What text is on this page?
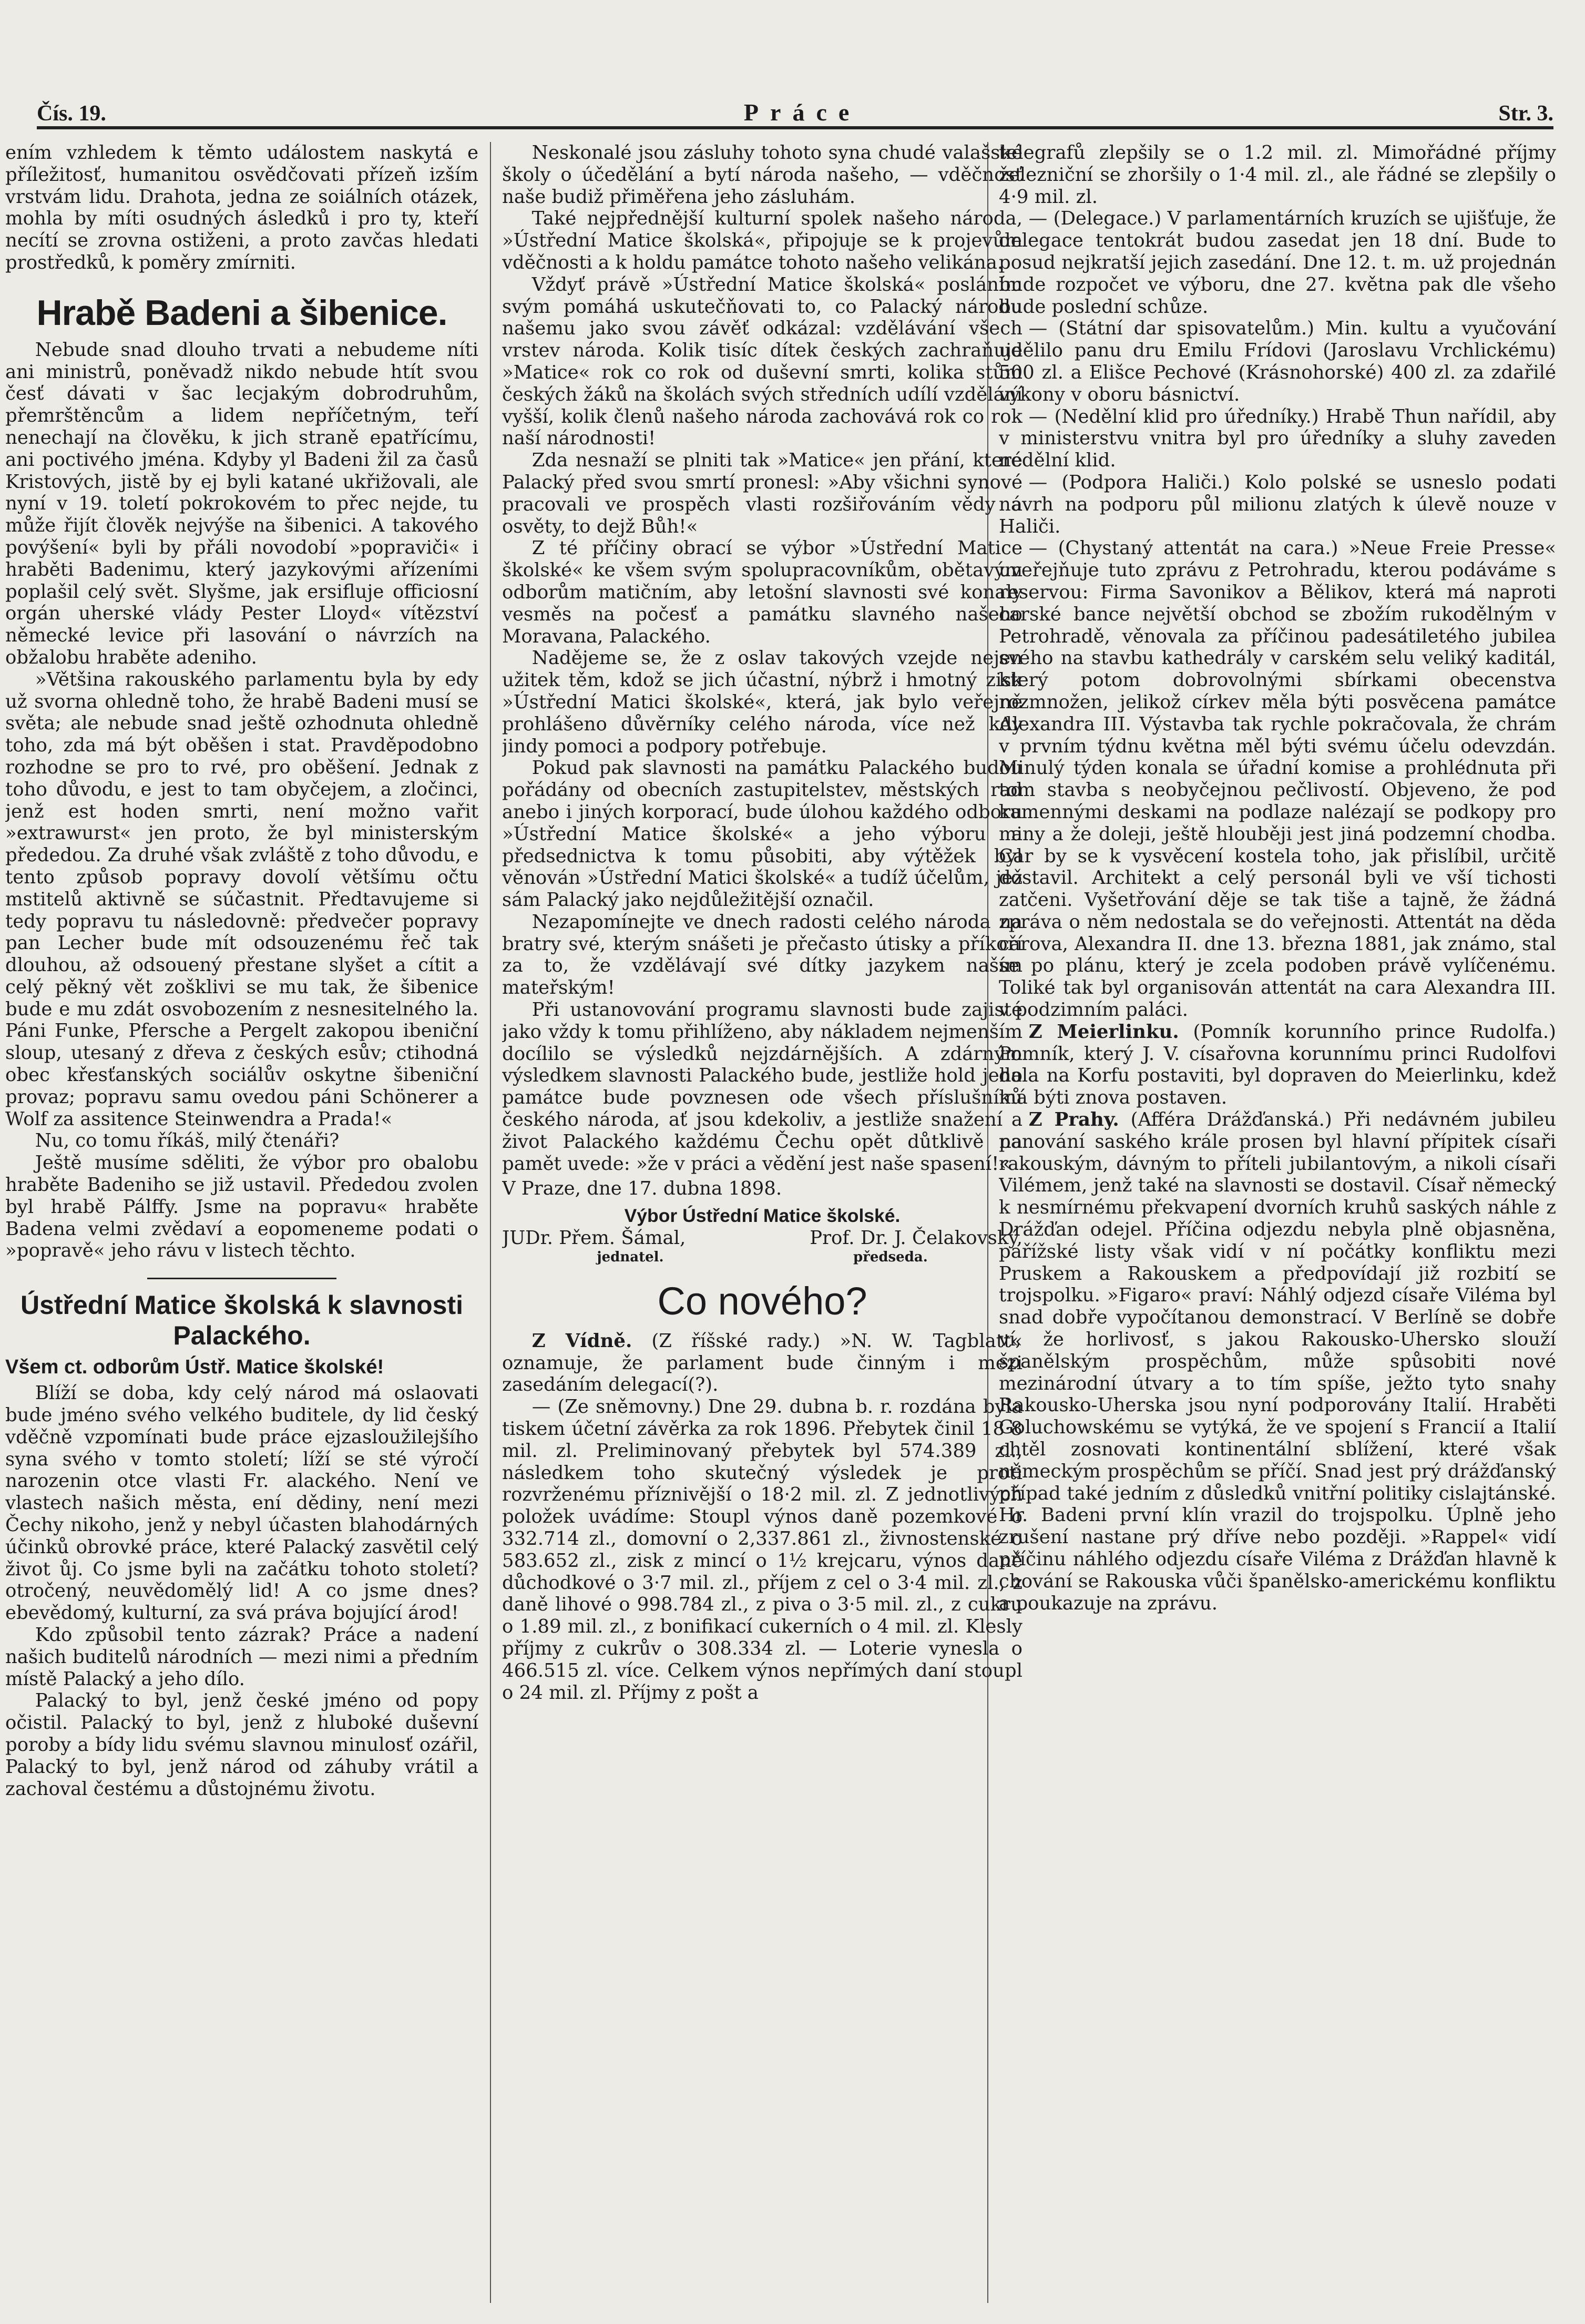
Čís. 19.	Práce	Str. 3.

ením vzhledem k těmto událostem naskytá e příležitosť, humanitou osvědčovati přízeň izším vrstvám lidu. Drahota, jedna ze soiálních otázek, mohla by míti osudných ásledků i pro ty, kteří necítí se zrovna ostiženi, a proto zavčas hledati prostředků, k poměry zmírniti.

Hrabě Badeni a šibenice.

Nebude snad dlouho trvati a nebudeme níti ani ministrů, poněvadž nikdo nebude htít svou česť dávati v šac lecjakým dobrodruhům, přemrštěncům a lidem nepříčetným, teří nenechají na člověku, k jich straně epatřícímu, ani poctivého jména. Kdyby yl Badeni žil za časů Kristových, jistě by ej byli katané ukřižovali, ale nyní v 19. toletí pokrokovém to přec nejde, tu může řijít člověk nejvýše na šibenici. A takového povýšení« byli by přáli novodobí »popraviči« i hraběti Badenimu, který jazykovými ařízeními poplašil celý svět. Slyšme, jak ersifluje officiosní orgán uherské vlády Pester Lloyd« vítězství německé levice při lasování o návrzích na obžalobu hraběte adeniho.

»Většina rakouského parlamentu byla by edy už svorna ohledně toho, že hrabě Badeni musí se světa; ale nebude snad ještě ozhodnuta ohledně toho, zda má být oběšen i stat. Pravděpodobno rozhodne se pro to rvé, pro oběšení. Jednak z toho důvodu, e jest to tam obyčejem, a zločinci, jenž est hoden smrti, není možno vařit »extrawurst« jen proto, že byl ministerským přededou. Za druhé však zvláště z toho důvodu, e tento způsob popravy dovolí většímu očtu mstitelů aktivně se súčastnit. Předtavujeme si tedy popravu tu následovně: předvečer popravy pan Lecher bude mít odsouzenému řeč tak dlouhou, až odsouený přestane slyšet a cítit a celý pěkný vět zošklivi se mu tak, že šibenice bude e mu zdát osvobozením z nesnesitelného la. Páni Funke, Pfersche a Pergelt zakopou ibeniční sloup, utesaný z dřeva z českých esův; ctihodná obec křesťanských sociálův oskytne šibeniční provaz; popravu samu ovedou páni Schönerer a Wolf za assitence Steinwendra a Prada!«

Nu, co tomu říkáš, milý čtenáři?

Ještě musíme sděliti, že výbor pro obalobu hraběte Badeniho se již ustavil. Přededou zvolen byl hrabě Pálffy. Jsme na popravu« hraběte Badena velmi zvědaví a eopomeneme podati o »popravě« jeho rávu v listech těchto.

Ústřední Matice školská k slavnosti Palackého.

Všem ct. odborům Ústř. Matice školské!

Blíží se doba, kdy celý národ má oslaovati bude jméno svého velkého buditele, dy lid český vděčně vzpomínati bude práce ejzasloužilejšího syna svého v tomto století; líží se sté výročí narozenin otce vlasti Fr. alackého. Není ve vlastech našich města, ení dědiny, není mezi Čechy nikoho, jenž y nebyl účasten blahodárných účinků obrovké práce, které Palacký zasvětil celý život ůj. Co jsme byli na začátku tohoto století? otročený, neuvědomělý lid! A co jsme dnes? ebevědomý, kulturní, za svá práva bojující árod!

Kdo způsobil tento zázrak? Práce a nadení našich buditelů národních — mezi nimi a předním místě Palacký a jeho dílo.

Palacký to byl, jenž české jméno od popy očistil. Palacký to byl, jenž z hluboké duševní poroby a bídy lidu svému slavnou minulosť ozářil, Palacký to byl, jenž národ od záhuby vrátil a zachoval čestému a důstojnému životu.

Neskonalé jsou zásluhy tohoto syna chudé valašské školy o účedělání a bytí národa našeho, — vděčnosť naše budiž přiměřena jeho zásluhám.

Také nejpřednější kulturní spolek našeho národa, »Ústřední Matice školská«, připojuje se k projevům vděčnosti a k holdu památce tohoto našeho velikána.

Vždyť právě »Ústřední Matice školská« posláním svým pomáhá uskutečňovati to, co Palacký národu našemu jako svou závěť odkázal: vzdělávání všech vrstev národa. Kolik tisíc dítek českých zachraňuje »Matice« rok co rok od duševní smrti, kolika stům českých žáků na školách svých středních udílí vzdělání vyšší, kolik členů našeho národa zachovává rok co rok naší národnosti!

Zda nesnaží se plniti tak »Matice« jen přání, které Palacký před svou smrtí pronesl: »Aby všichni synové pracovali ve prospěch vlasti rozšiřováním vědy a osvěty, to dejž Bůh!«

Z té příčiny obrací se výbor »Ústřední Matice školské« ke všem svým spolupracovníkům, obětavým odborům matičním, aby letošní slavnosti své konaly vesměs na počesť a památku slavného našeho Moravana, Palackého.

Nadějeme se, že z oslav takových vzejde nejen užitek těm, kdož se jich účastní, nýbrž i hmotný zisk »Ústřední Matici školské«, která, jak bylo veřejně prohlášeno důvěrníky celého národa, více než kdy jindy pomoci a podpory potřebuje.

Pokud pak slavnosti na památku Palackého budou pořádány od obecních zastupitelstev, městských rad anebo i jiných korporací, bude úlohou každého odboru »Ústřední Matice školské« a jeho výboru a předsednictva k tomu působiti, aby výtěžek byl věnován »Ústřední Matici školské« a tudíž účelům, jež sám Palacký jako nejdůležitější označil.

Nezapomínejte ve dnech radosti celého národa na bratry své, kterým snášeti je přečasto útisky a příkoří za to, že vzdělávají své dítky jazykem naším mateřským!

Při ustanovování programu slavnosti bude zajisté jako vždy k tomu přihlíženo, aby nákladem nejmenším docílilo se výsledků nejzdárnějších. A zdárným výsledkem slavnosti Palackého bude, jestliže hold jeho památce bude povznesen ode všech příslušníků českého národa, ať jsou kdekoliv, a jestliže snažení a život Palackého každému Čechu opět důtklivě na pamět uvede: »že v práci a vědění jest naše spasení!«

V Praze, dne 17. dubna 1898.

Výbor Ústřední Matice školské.

JUDr. Přem. Šámal,	Prof. Dr. J. Čelakovský,
jednatel.	předseda.
Co nového?

Z Vídně. (Z říšské rady.) »N. W. Tagblatt« oznamuje, že parlament bude činným i mezi zasedáním delegací(?).

— (Ze sněmovny.) Dne 29. dubna b. r. rozdána byla tiskem účetní závěrka za rok 1896. Přebytek činil 18·8 mil. zl. Preliminovaný přebytek byl 574.389 zl., následkem toho skutečný výsledek je proti rozvrženému příznivější o 18·2 mil. zl. Z jednotlivých položek uvádíme: Stoupl výnos daně pozemkové o 332.714 zl., domovní o 2,337.861 zl., živnostenské o 583.652 zl., zisk z mincí o 1½ krejcaru, výnos daně důchodkové o 3·7 mil. zl., příjem z cel o 3·4 mil. zl., z daně lihové o 998.784 zl., z piva o 3·5 mil. zl., z cukru o 1.89 mil. zl., z bonifikací cukerních o 4 mil. zl. Klesly příjmy z cukrův o 308.334 zl. — Loterie vynesla o 466.515 zl. více. Celkem výnos nepřímých daní stoupl o 24 mil. zl. Příjmy z pošt a

telegrafů zlepšily se o 1.2 mil. zl. Mimořádné příjmy železniční se zhoršily o 1·4 mil. zl., ale řádné se zlepšily o 4·9 mil. zl.

— (Delegace.) V parlamentárních kruzích se ujišťuje, že delegace tentokrát budou zasedat jen 18 dní. Bude to posud nejkratší jejich zasedání. Dne 12. t. m. už projednán bude rozpočet ve výboru, dne 27. května pak dle všeho bude poslední schůze.

— (Státní dar spisovatelům.) Min. kultu a vyučování udělilo panu dru Emilu Frídovi (Jaroslavu Vrchlickému) 500 zl. a Elišce Pechové (Krásnohorské) 400 zl. za zdařilé výkony v oboru básnictví.

— (Nedělní klid pro úředníky.) Hrabě Thun nařídil, aby v ministerstvu vnitra byl pro úředníky a sluhy zaveden nedělní klid.

— (Podpora Haliči.) Kolo polské se usneslo podati návrh na podporu půl milionu zlatých k úlevě nouze v Haliči.

— (Chystaný attentát na cara.) »Neue Freie Presse« uveřejňuje tuto zprávu z Petrohradu, kterou podáváme s reservou: Firma Savonikov a Bělikov, která má naproti carské bance největší obchod se zbožím rukodělným v Petrohradě, věnovala za příčinou padesátiletého jubilea svého na stavbu kathedrály v carském selu veliký kaditál, který potom dobrovolnými sbírkami obecenstva rozmnožen, jelikož církev měla býti posvěcena památce Alexandra III. Výstavba tak rychle pokračovala, že chrám v prvním týdnu května měl býti svému účelu odevzdán. Minulý týden konala se úřadní komise a prohlédnuta při tom stavba s neobyčejnou pečlivostí. Objeveno, že pod kamennými deskami na podlaze nalézají se podkopy pro miny a že doleji, ještě hlouběji jest jiná podzemní chodba. Car by se k vysvěcení kostela toho, jak přislíbil, určitě dostavil. Architekt a celý personál byli ve vší tichosti zatčeni. Vyšetřování děje se tak tiše a tajně, že žádná zpráva o něm nedostala se do veřejnosti. Attentát na děda carova, Alexandra II. dne 13. března 1881, jak známo, stal se po plánu, který je zcela podoben právě vylíčenému. Toliké tak byl organisován attentát na cara Alexandra III. v podzimním paláci.

Z Meierlinku. (Pomník korunního prince Rudolfa.) Pomník, který J. V. císařovna korunnímu princi Rudolfovi dala na Korfu postaviti, byl dopraven do Meierlinku, kdež má býti znova postaven.

Z Prahy. (Afféra Drážďanská.) Při nedávném jubileu panování saského krále prosen byl hlavní přípitek císaři rakouským, dávným to příteli jubilantovým, a nikoli císaři Vilémem, jenž také na slavnosti se dostavil. Císař německý k nesmírnému překvapení dvorních kruhů saských náhle z Drážďan odejel. Příčina odjezdu nebyla plně objasněna, pařížské listy však vidí v ní počátky konfliktu mezi Pruskem a Rakouskem a předpovídají již rozbití se trojspolku. »Figaro« praví: Náhlý odjezd císaře Viléma byl snad dobře vypočítanou demonstrací. V Berlíně se dobře ví, že horlivosť, s jakou Rakousko-Uhersko slouží španělským prospěchům, může spůsobiti nové mezinárodní útvary a to tím spíše, ježto tyto snahy Rakousko-Uherska jsou nyní podporovány Italií. Hraběti Goluchowskému se vytýká, že ve spojení s Francií a Italií chtěl zosnovati kontinentální sblížení, které však německým prospěchům se příčí. Snad jest prý drážďanský případ také jedním z důsledků vnitřní politiky cislajtánské. Hr. Badeni první klín vrazil do trojspolku. Úplně jeho zrušení nastane prý dříve nebo později. »Rappel« vidí příčinu náhlého odjezdu císaře Viléma z Drážďan hlavně k chování se Rakouska vůči španělsko-americkému konfliktu a poukazuje na zprávu.
